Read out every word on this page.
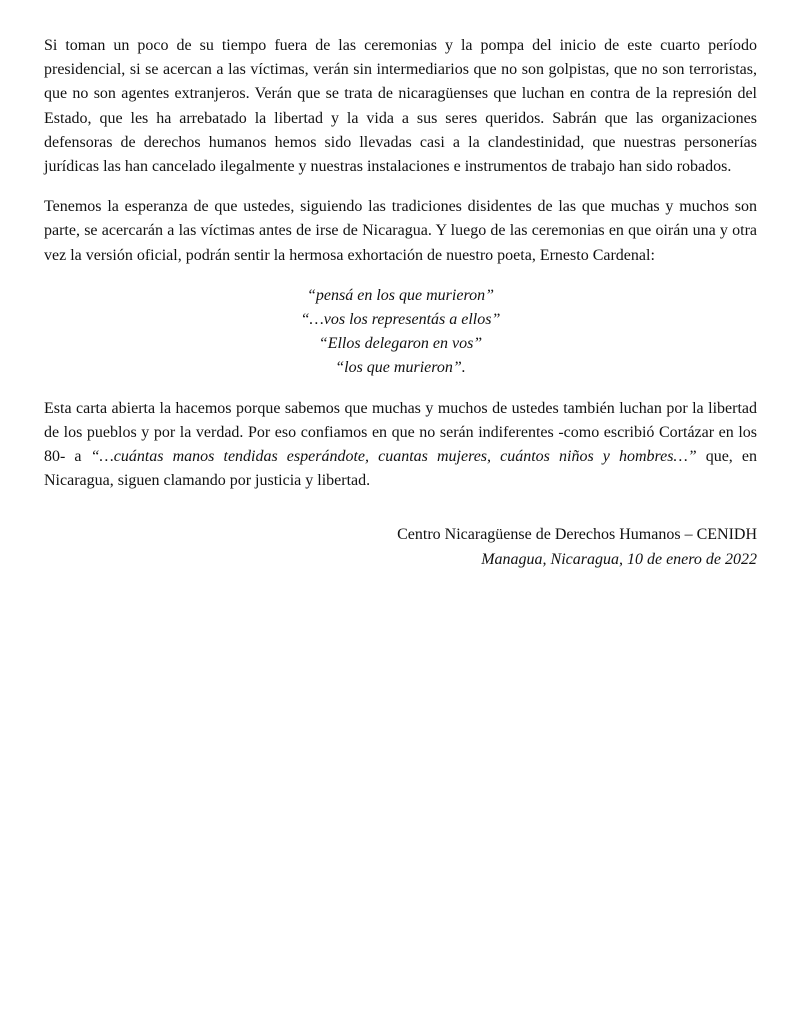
Si toman un poco de su tiempo fuera de las ceremonias y la pompa del inicio de este cuarto período presidencial, si se acercan a las víctimas, verán sin intermediarios que no son golpistas, que no son terroristas, que no son agentes extranjeros. Verán que se trata de nicaragüenses que luchan en contra de la represión del Estado, que les ha arrebatado la libertad y la vida a sus seres queridos. Sabrán que las organizaciones defensoras de derechos humanos hemos sido llevadas casi a la clandestinidad, que nuestras personerías jurídicas las han cancelado ilegalmente y nuestras instalaciones e instrumentos de trabajo han sido robados.

Tenemos la esperanza de que ustedes, siguiendo las tradiciones disidentes de las que muchas y muchos son parte, se acercarán a las víctimas antes de irse de Nicaragua. Y luego de las ceremonias en que oirán una y otra vez la versión oficial, podrán sentir la hermosa exhortación de nuestro poeta, Ernesto Cardenal:

“pensá en los que murieron”
“…vos los representás a ellos”
“Ellos delegaron en vos”
“los que murieron”.

Esta carta abierta la hacemos porque sabemos que muchas y muchos de ustedes también luchan por la libertad de los pueblos y por la verdad. Por eso confiamos en que no serán indiferentes -como escribió Cortázar en los 80- a “…cuántas manos tendidas esperándote, cuantas mujeres, cuántos niños y hombres…” que, en Nicaragua, siguen clamando por justicia y libertad.

Centro Nicaragüense de Derechos Humanos – CENIDH
Managua, Nicaragua, 10 de enero de 2022
